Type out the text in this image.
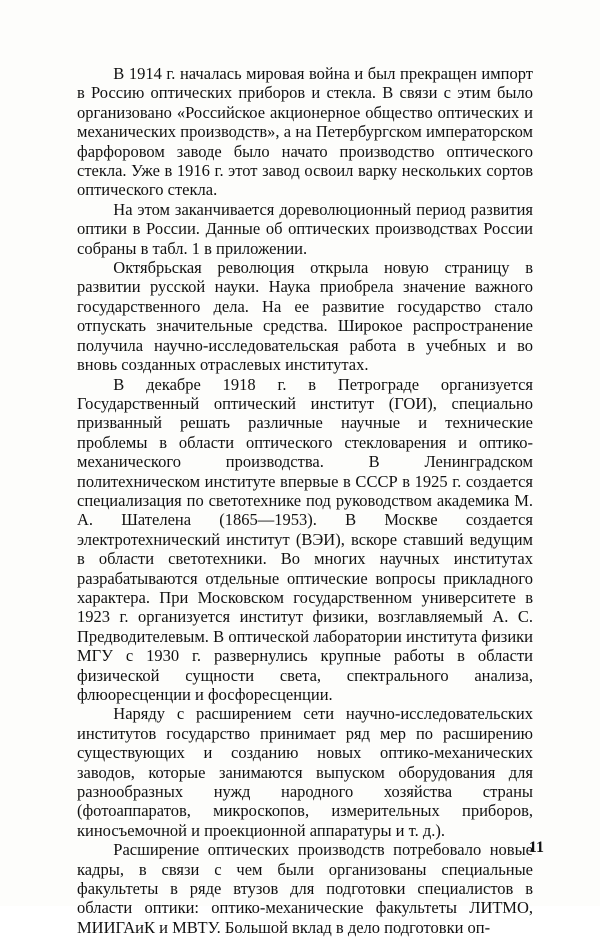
В 1914 г. началась мировая война и был прекращен импорт в Россию оптических приборов и стекла. В связи с этим было организовано «Российское акционерное общество оптических и механических производств», а на Петербургском императорском фарфоровом заводе было начато производство оптического стекла. Уже в 1916 г. этот завод освоил варку нескольких сортов оптического стекла.

На этом заканчивается дореволюционный период развития оптики в России. Данные об оптических производствах России собраны в табл. 1 в приложении.

Октябрьская революция открыла новую страницу в развитии русской науки. Наука приобрела значение важного государственного дела. На ее развитие государство стало отпускать значительные средства. Широкое распространение получила научно-исследовательская работа в учебных и во вновь созданных отраслевых институтах.

В декабре 1918 г. в Петрограде организуется Государственный оптический институт (ГОИ), специально призванный решать различные научные и технические проблемы в области оптического стекловарения и оптико-механического производства. В Ленинградском политехническом институте впервые в СССР в 1925 г. создается специализация по светотехнике под руководством академика М. А. Шателена (1865—1953). В Москве создается электротехнический институт (ВЭИ), вскоре ставший ведущим в области светотехники. Во многих научных институтах разрабатываются отдельные оптические вопросы прикладного характера. При Московском государственном университете в 1923 г. организуется институт физики, возглавляемый А. С. Предводителевым. В оптической лаборатории института физики МГУ с 1930 г. развернулись крупные работы в области физической сущности света, спектрального анализа, флюоресценции и фосфоресценции.

Наряду с расширением сети научно-исследовательских институтов государство принимает ряд мер по расширению существующих и созданию новых оптико-механических заводов, которые занимаются выпуском оборудования для разнообразных нужд народного хозяйства страны (фотоаппаратов, микроскопов, измерительных приборов, киносъемочной и проекционной аппаратуры и т. д.).

Расширение оптических производств потребовало новые кадры, в связи с чем были организованы специальные факультеты в ряде втузов для подготовки специалистов в области оптики: оптико-механические факультеты ЛИТМО, МИИГАиК и МВТУ. Большой вклад в дело подготовки оп-

11
